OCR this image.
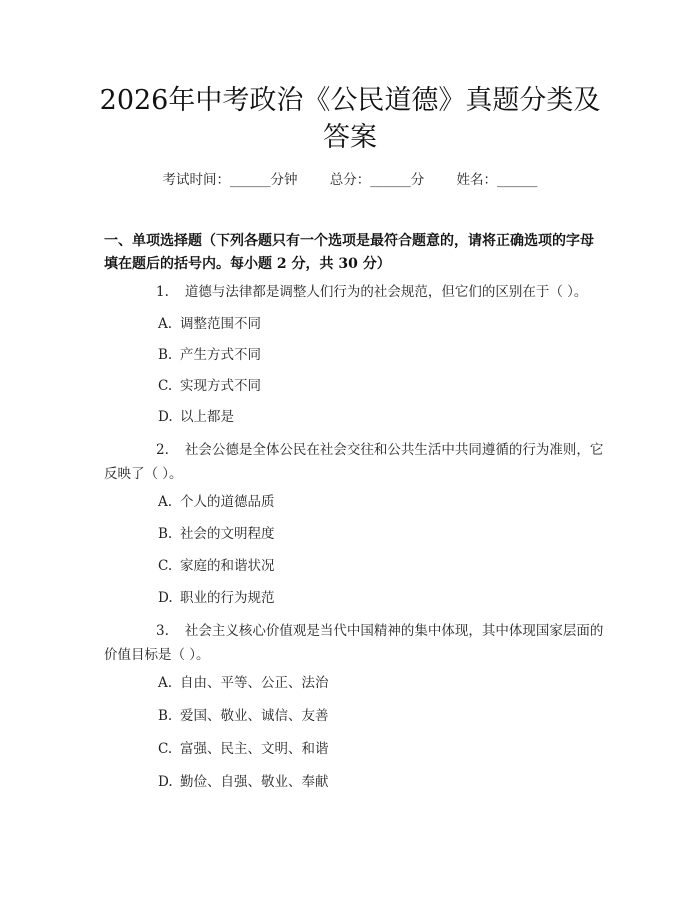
2026年中考政治《公民道德》真题分类及答案
考试时间：______分钟 总分：______分 姓名：______

一、单项选择题（下列各题只有一个选项是最符合题意的，请将正确选项的字母填在题后的括号内。每小题 2 分，共 30 分）

1. 道德与法律都是调整人们行为的社会规范，但它们的区别在于（ ）。

A. 调整范围不同
B. 产生方式不同
C. 实现方式不同
D. 以上都是

2. 社会公德是全体公民在社会交往和公共生活中共同遵循的行为准则，它反映了（ ）。

A. 个人的道德品质
B. 社会的文明程度
C. 家庭的和谐状况
D. 职业的行为规范

3. 社会主义核心价值观是当代中国精神的集中体现，其中体现国家层面的价值目标是（ ）。

A. 自由、平等、公正、法治
B. 爱国、敬业、诚信、友善
C. 富强、民主、文明、和谐
D. 勤俭、自强、敬业、奉献
